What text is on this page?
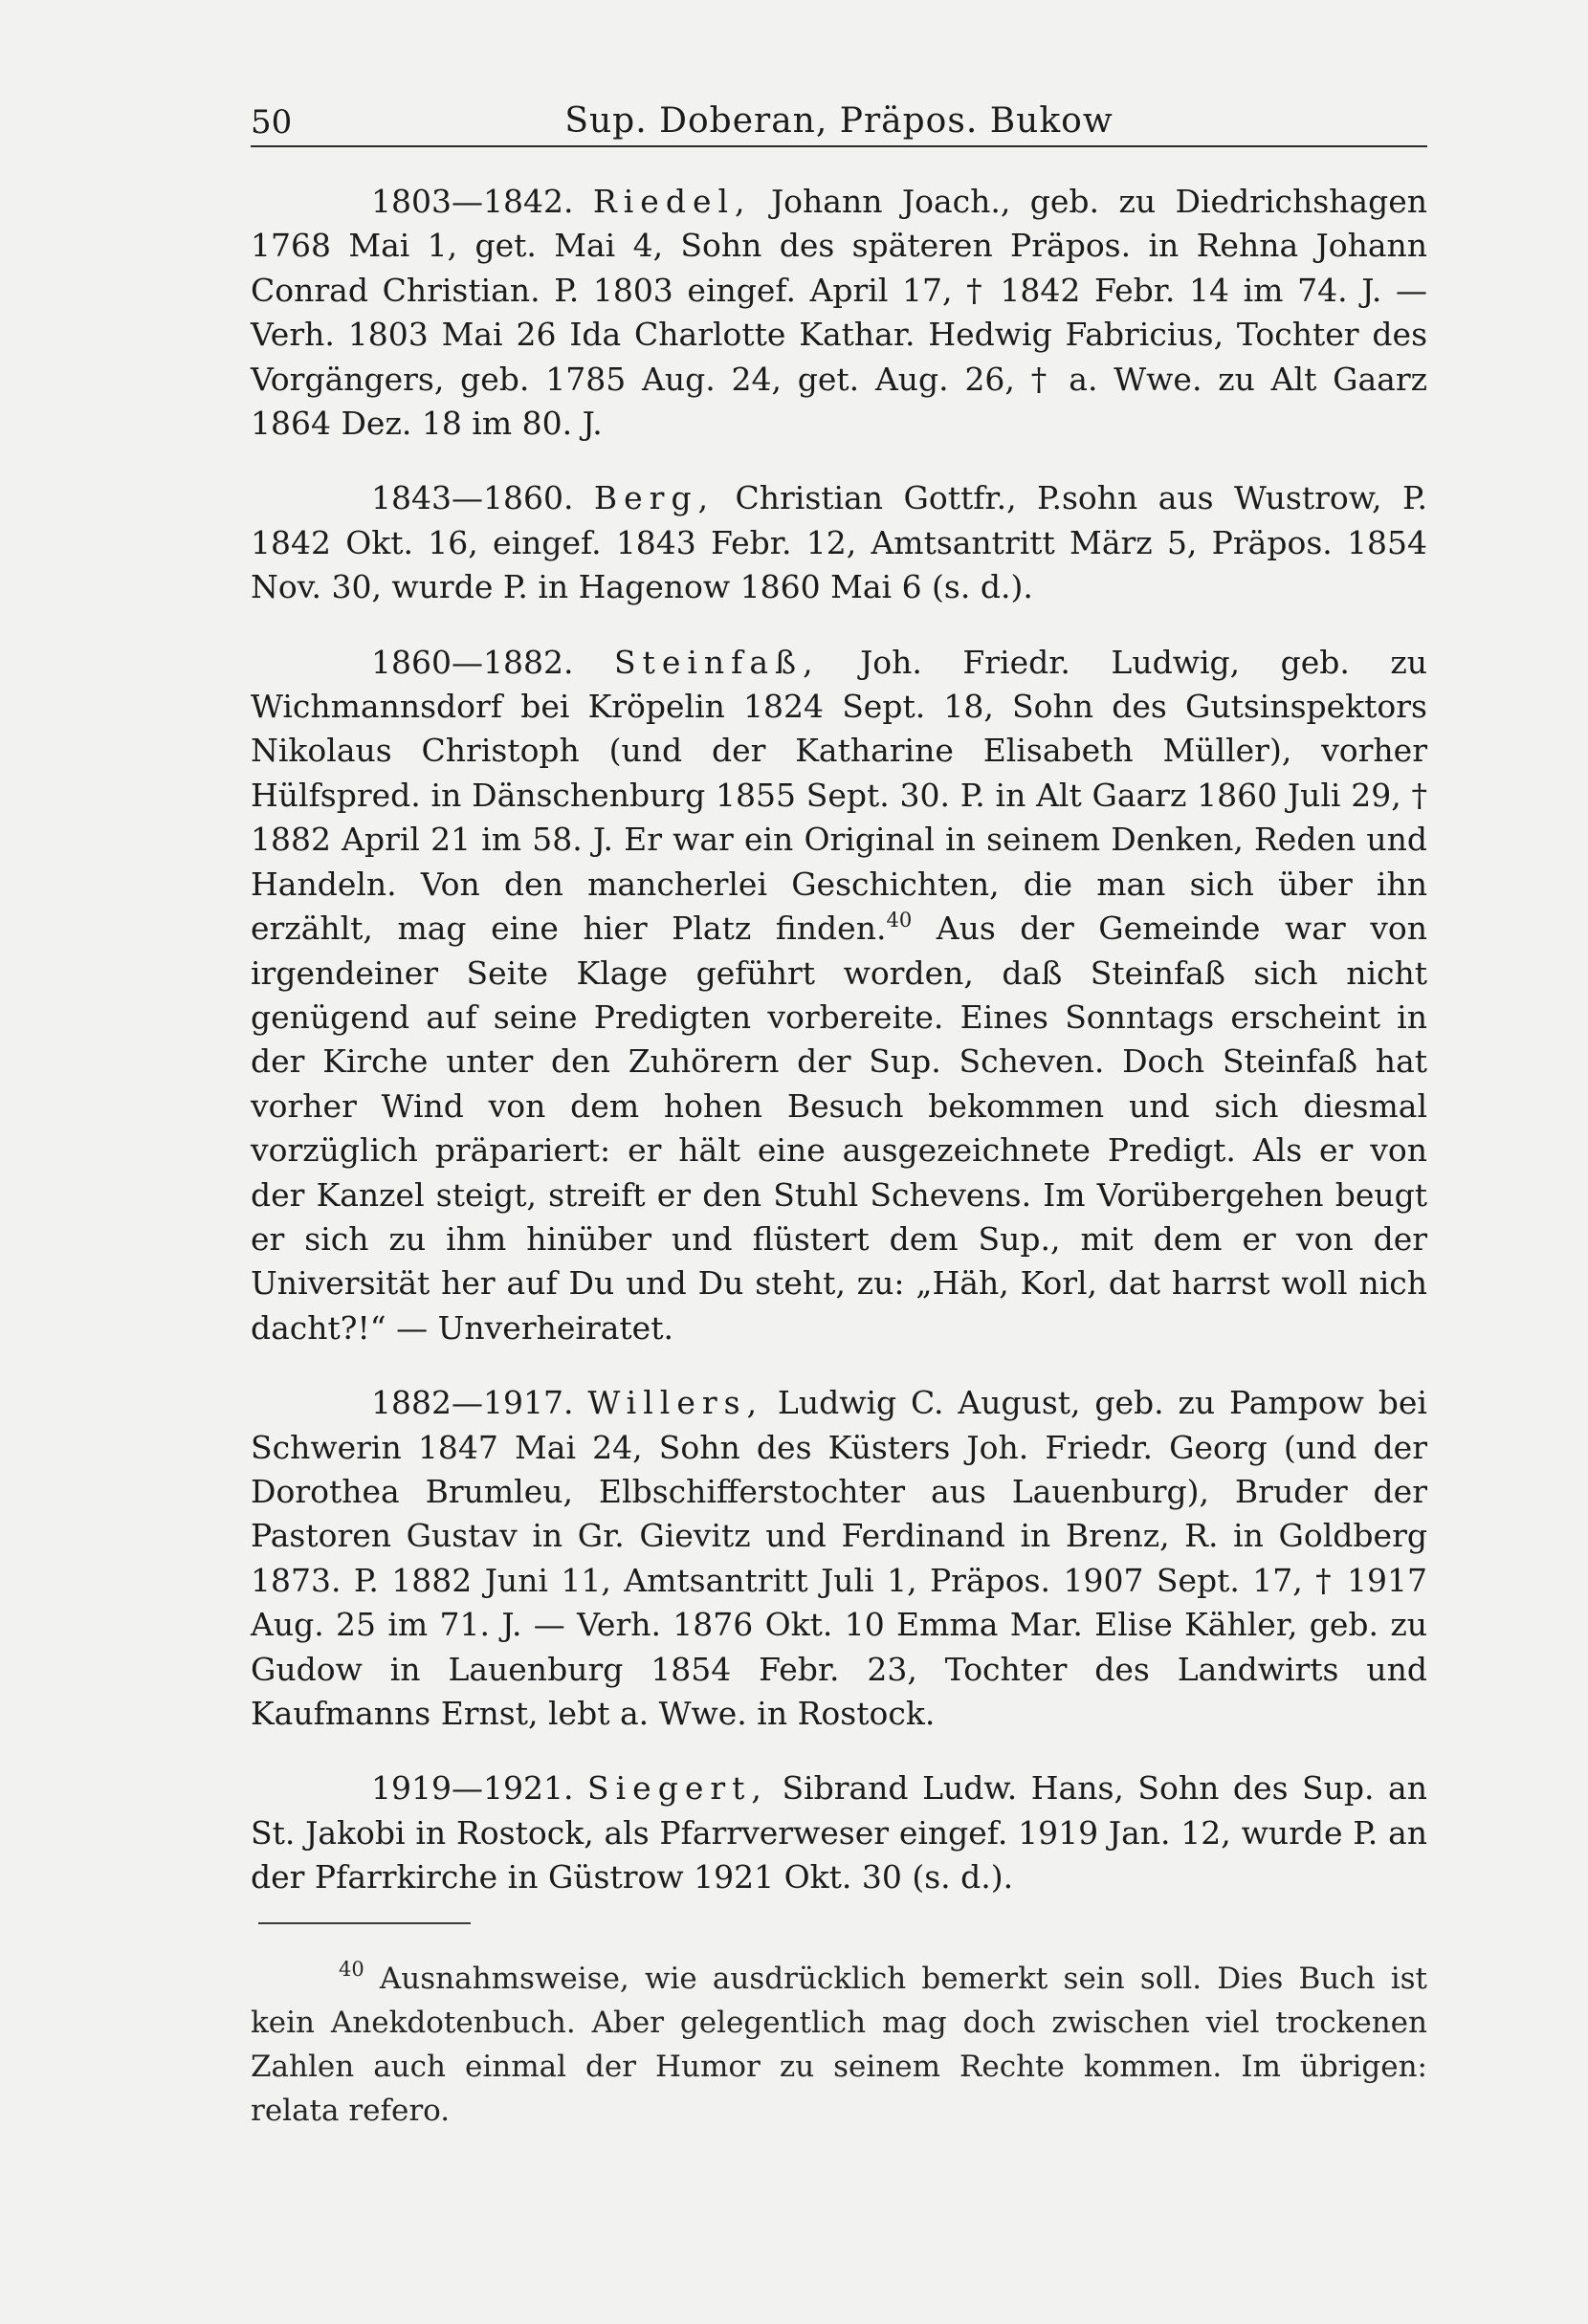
50	Sup. Doberan, Präpos. Bukow

1803—1842. Riedel, Johann Joach., geb. zu Diedrichshagen 1768 Mai 1, get. Mai 4, Sohn des späteren Präpos. in Rehna Johann Conrad Christian. P. 1803 eingef. April 17, † 1842 Febr. 14 im 74. J. — Verh. 1803 Mai 26 Ida Charlotte Kathar. Hedwig Fabricius, Tochter des Vorgängers, geb. 1785 Aug. 24, get. Aug. 26, † a. Wwe. zu Alt Gaarz 1864 Dez. 18 im 80. J.

1843—1860. Berg, Christian Gottfr., P.sohn aus Wustrow, P. 1842 Okt. 16, eingef. 1843 Febr. 12, Amtsantritt März 5, Präpos. 1854 Nov. 30, wurde P. in Hagenow 1860 Mai 6 (s. d.).

1860—1882. Steinfaß, Joh. Friedr. Ludwig, geb. zu Wichmannsdorf bei Kröpelin 1824 Sept. 18, Sohn des Gutsinspektors Nikolaus Christoph (und der Katharine Elisabeth Müller), vorher Hülfspred. in Dänschenburg 1855 Sept. 30. P. in Alt Gaarz 1860 Juli 29, † 1882 April 21 im 58. J. Er war ein Original in seinem Denken, Reden und Handeln. Von den mancherlei Geschichten, die man sich über ihn erzählt, mag eine hier Platz finden.$^{40}$ Aus der Gemeinde war von irgendeiner Seite Klage geführt worden, daß Steinfaß sich nicht genügend auf seine Predigten vorbereite. Eines Sonntags erscheint in der Kirche unter den Zuhörern der Sup. Scheven. Doch Steinfaß hat vorher Wind von dem hohen Besuch bekommen und sich diesmal vorzüglich präpariert: er hält eine ausgezeichnete Predigt. Als er von der Kanzel steigt, streift er den Stuhl Schevens. Im Vorübergehen beugt er sich zu ihm hinüber und flüstert dem Sup., mit dem er von der Universität her auf Du und Du steht, zu: „Häh, Korl, dat harrst woll nich dacht?!“ — Unverheiratet.

1882—1917. Willers, Ludwig C. August, geb. zu Pampow bei Schwerin 1847 Mai 24, Sohn des Küsters Joh. Friedr. Georg (und der Dorothea Brumleu, Elbschifferstochter aus Lauenburg), Bruder der Pastoren Gustav in Gr. Gievitz und Ferdinand in Brenz, R. in Goldberg 1873. P. 1882 Juni 11, Amtsantritt Juli 1, Präpos. 1907 Sept. 17, † 1917 Aug. 25 im 71. J. — Verh. 1876 Okt. 10 Emma Mar. Elise Kähler, geb. zu Gudow in Lauenburg 1854 Febr. 23, Tochter des Landwirts und Kaufmanns Ernst, lebt a. Wwe. in Rostock.

1919—1921. Siegert, Sibrand Ludw. Hans, Sohn des Sup. an St. Jakobi in Rostock, als Pfarrverweser eingef. 1919 Jan. 12, wurde P. an der Pfarrkirche in Güstrow 1921 Okt. 30 (s. d.).

$^{40}$ Ausnahmsweise, wie ausdrücklich bemerkt sein soll. Dies Buch ist kein Anekdotenbuch. Aber gelegentlich mag doch zwischen viel trockenen Zahlen auch einmal der Humor zu seinem Rechte kommen. Im übrigen: relata refero.
